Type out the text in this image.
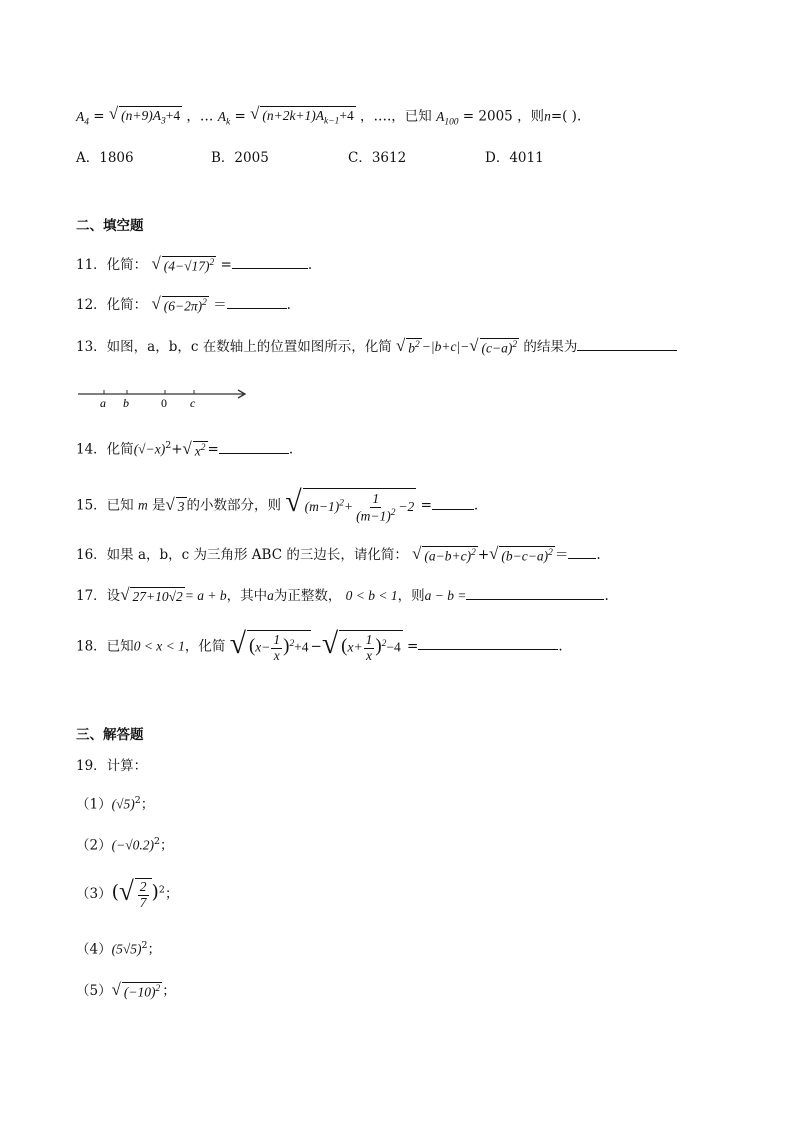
$A_4$ = √ $(n+9)A_3+4$ ，… $A_k$ = √ $(n+2k+1)A_{k-1}+4$ ，….，已知 $A_{100} = 2005$ ，则n=( ).
A．1806	B．2005	C．3612	D．4011
二、填空题
11．化简： √ $(4-√17)^2$ =	.
12．化简： √ $(6-2\pi)^2$ ＝	.
13．如图，a，b，c 在数轴上的位置如图所示，化简 √ $b^2 -|b+c|-$ √ $(c-a)^2$ 的结果为
a b	0 c
14．化简$(√-x)^2+$ √ $x^2$ =	.
15．已知 m 是 √ 3 的小数部分，则 √ $(m-1)^2+ \frac{1}{(m-1)^2} -2$ =	.
16．如果 a，b，c 为三角形 ABC 的三边长，请化简： √ $(a-b+c)^2$ + √ $(b-c-a)^2$ ＝ .
17．设 √ 27+10√2 = a + b，其中a为正整数， 0 < b < 1，则a − b =	.
18．已知0 < x < 1，化简 √ $(x- \frac{1}{x} )^2+4$ − √ $(x+ \frac{1}{x} )^2-4$ =	.
三、解答题
19．计算：
$(1)(√5)^2$；
$(2)(-√0.2)^2$；
（3）( √ $\frac{2}{7} )^2$；
$(4)(5√5)^2$；
（5） √ $(-10)^2$ ；
